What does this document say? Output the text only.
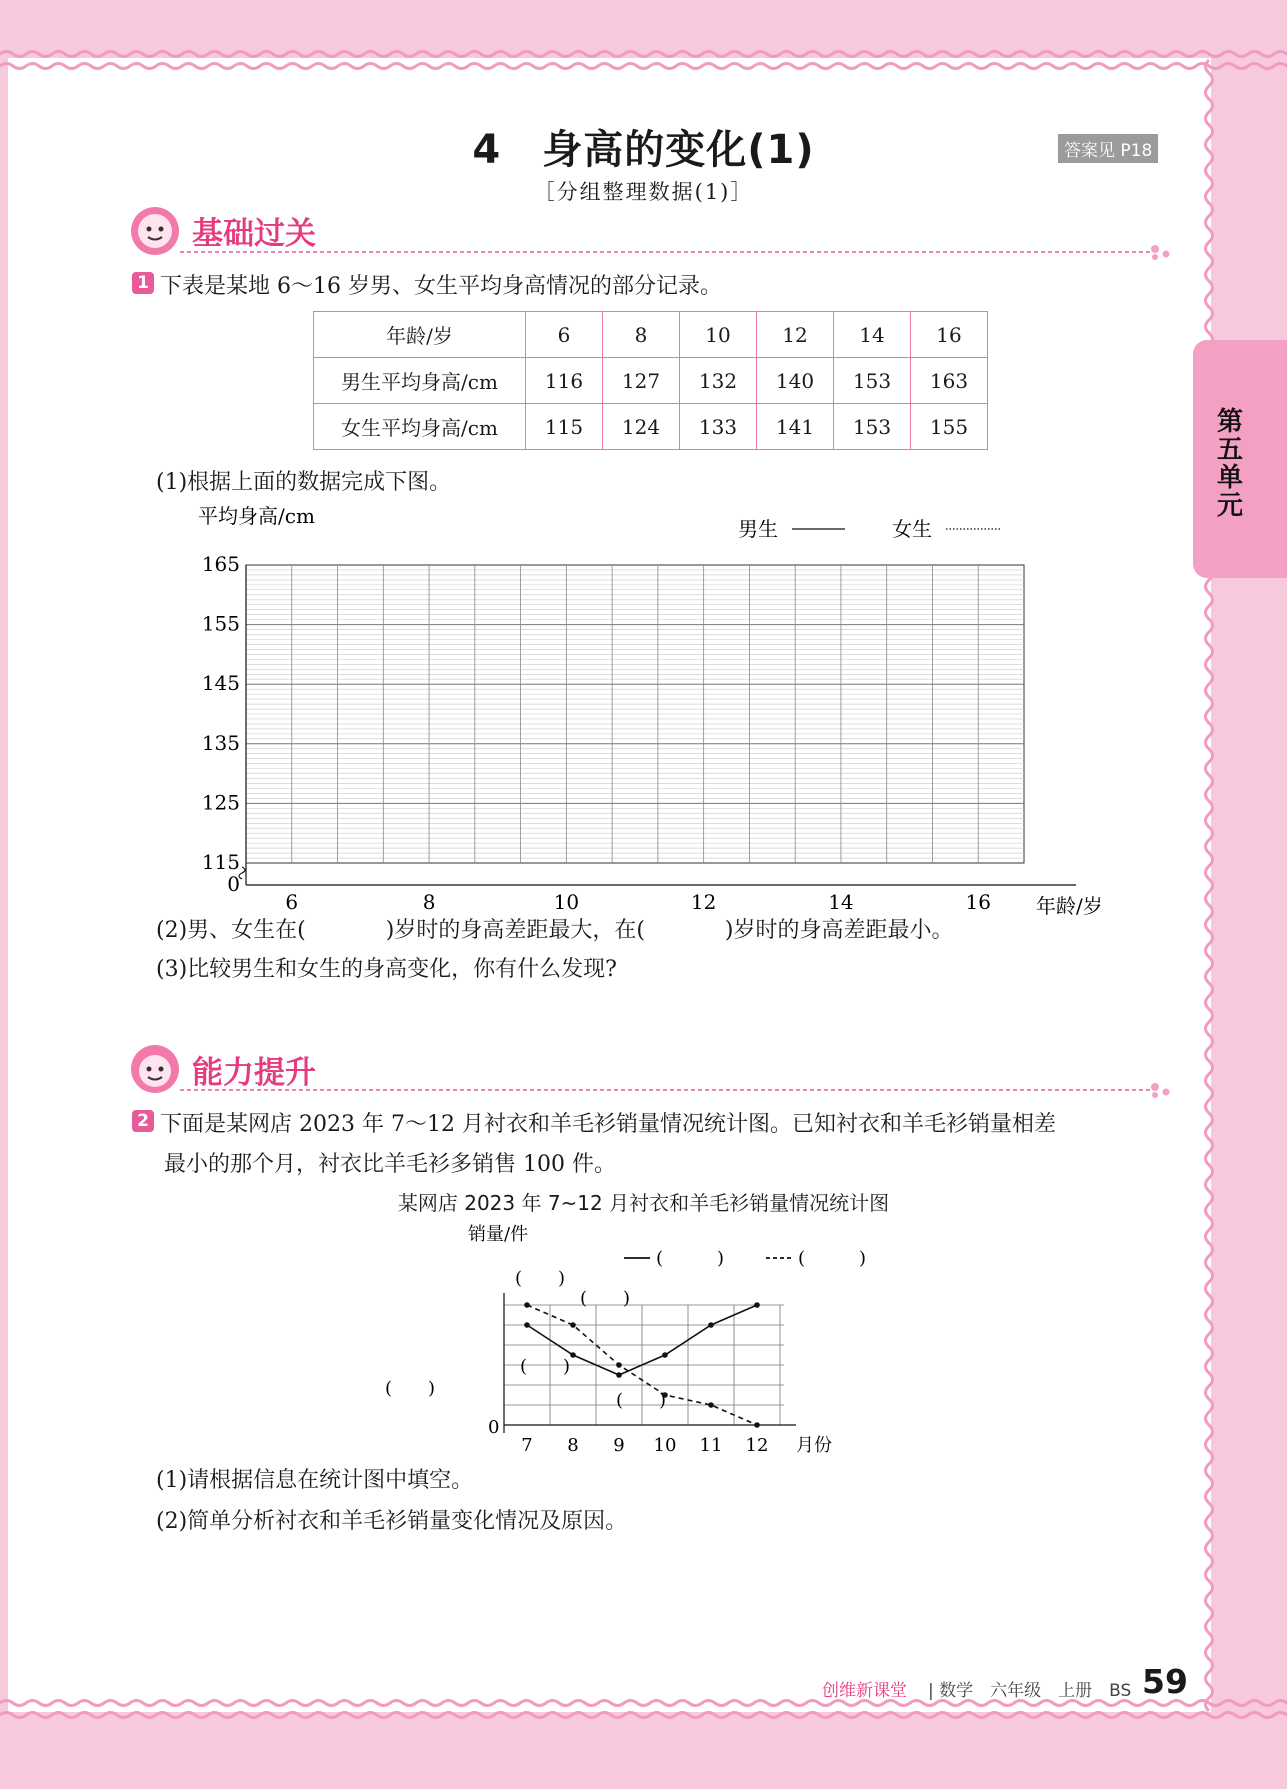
4　身高的变化(1)
［分组整理数据(1)］
答案见 P18
第
五
单
元
基础过关
1 下表是某地 6～16 岁男、女生平均身高情况的部分记录。
年龄/岁	6	8	10	12	14	16
男生平均身高/cm	116	127	132	140	153	163
女生平均身高/cm	115	124	133	141	153	155
(1)根据上面的数据完成下图。
165
155
145
135
125
115
0
6	8	10	12	14	16
平均身高/cm
年龄/岁
男生	女生
(2)男、女生在(	)岁时的身高差距最大，在(	)岁时的身高差距最小。
(3)比较男生和女生的身高变化，你有什么发现?
能力提升
2 下面是某网店 2023 年 7～12 月衬衣和羊毛衫销量情况统计图。已知衬衣和羊毛衫销量相差
最小的那个月，衬衣比羊毛衫多销售 100 件。
某网店 2023 年 7~12 月衬衣和羊毛衫销量情况统计图
销量/件
0
7 8 9 10 11 12 月份
(　　)
(　　)
(　　)
(　　)
(　　)
(　　　)	(　　　)
(1)请根据信息在统计图中填空。
(2)简单分析衬衣和羊毛衫销量变化情况及原因。
创维新课堂 | 数学　六年级　上册　BS 59
